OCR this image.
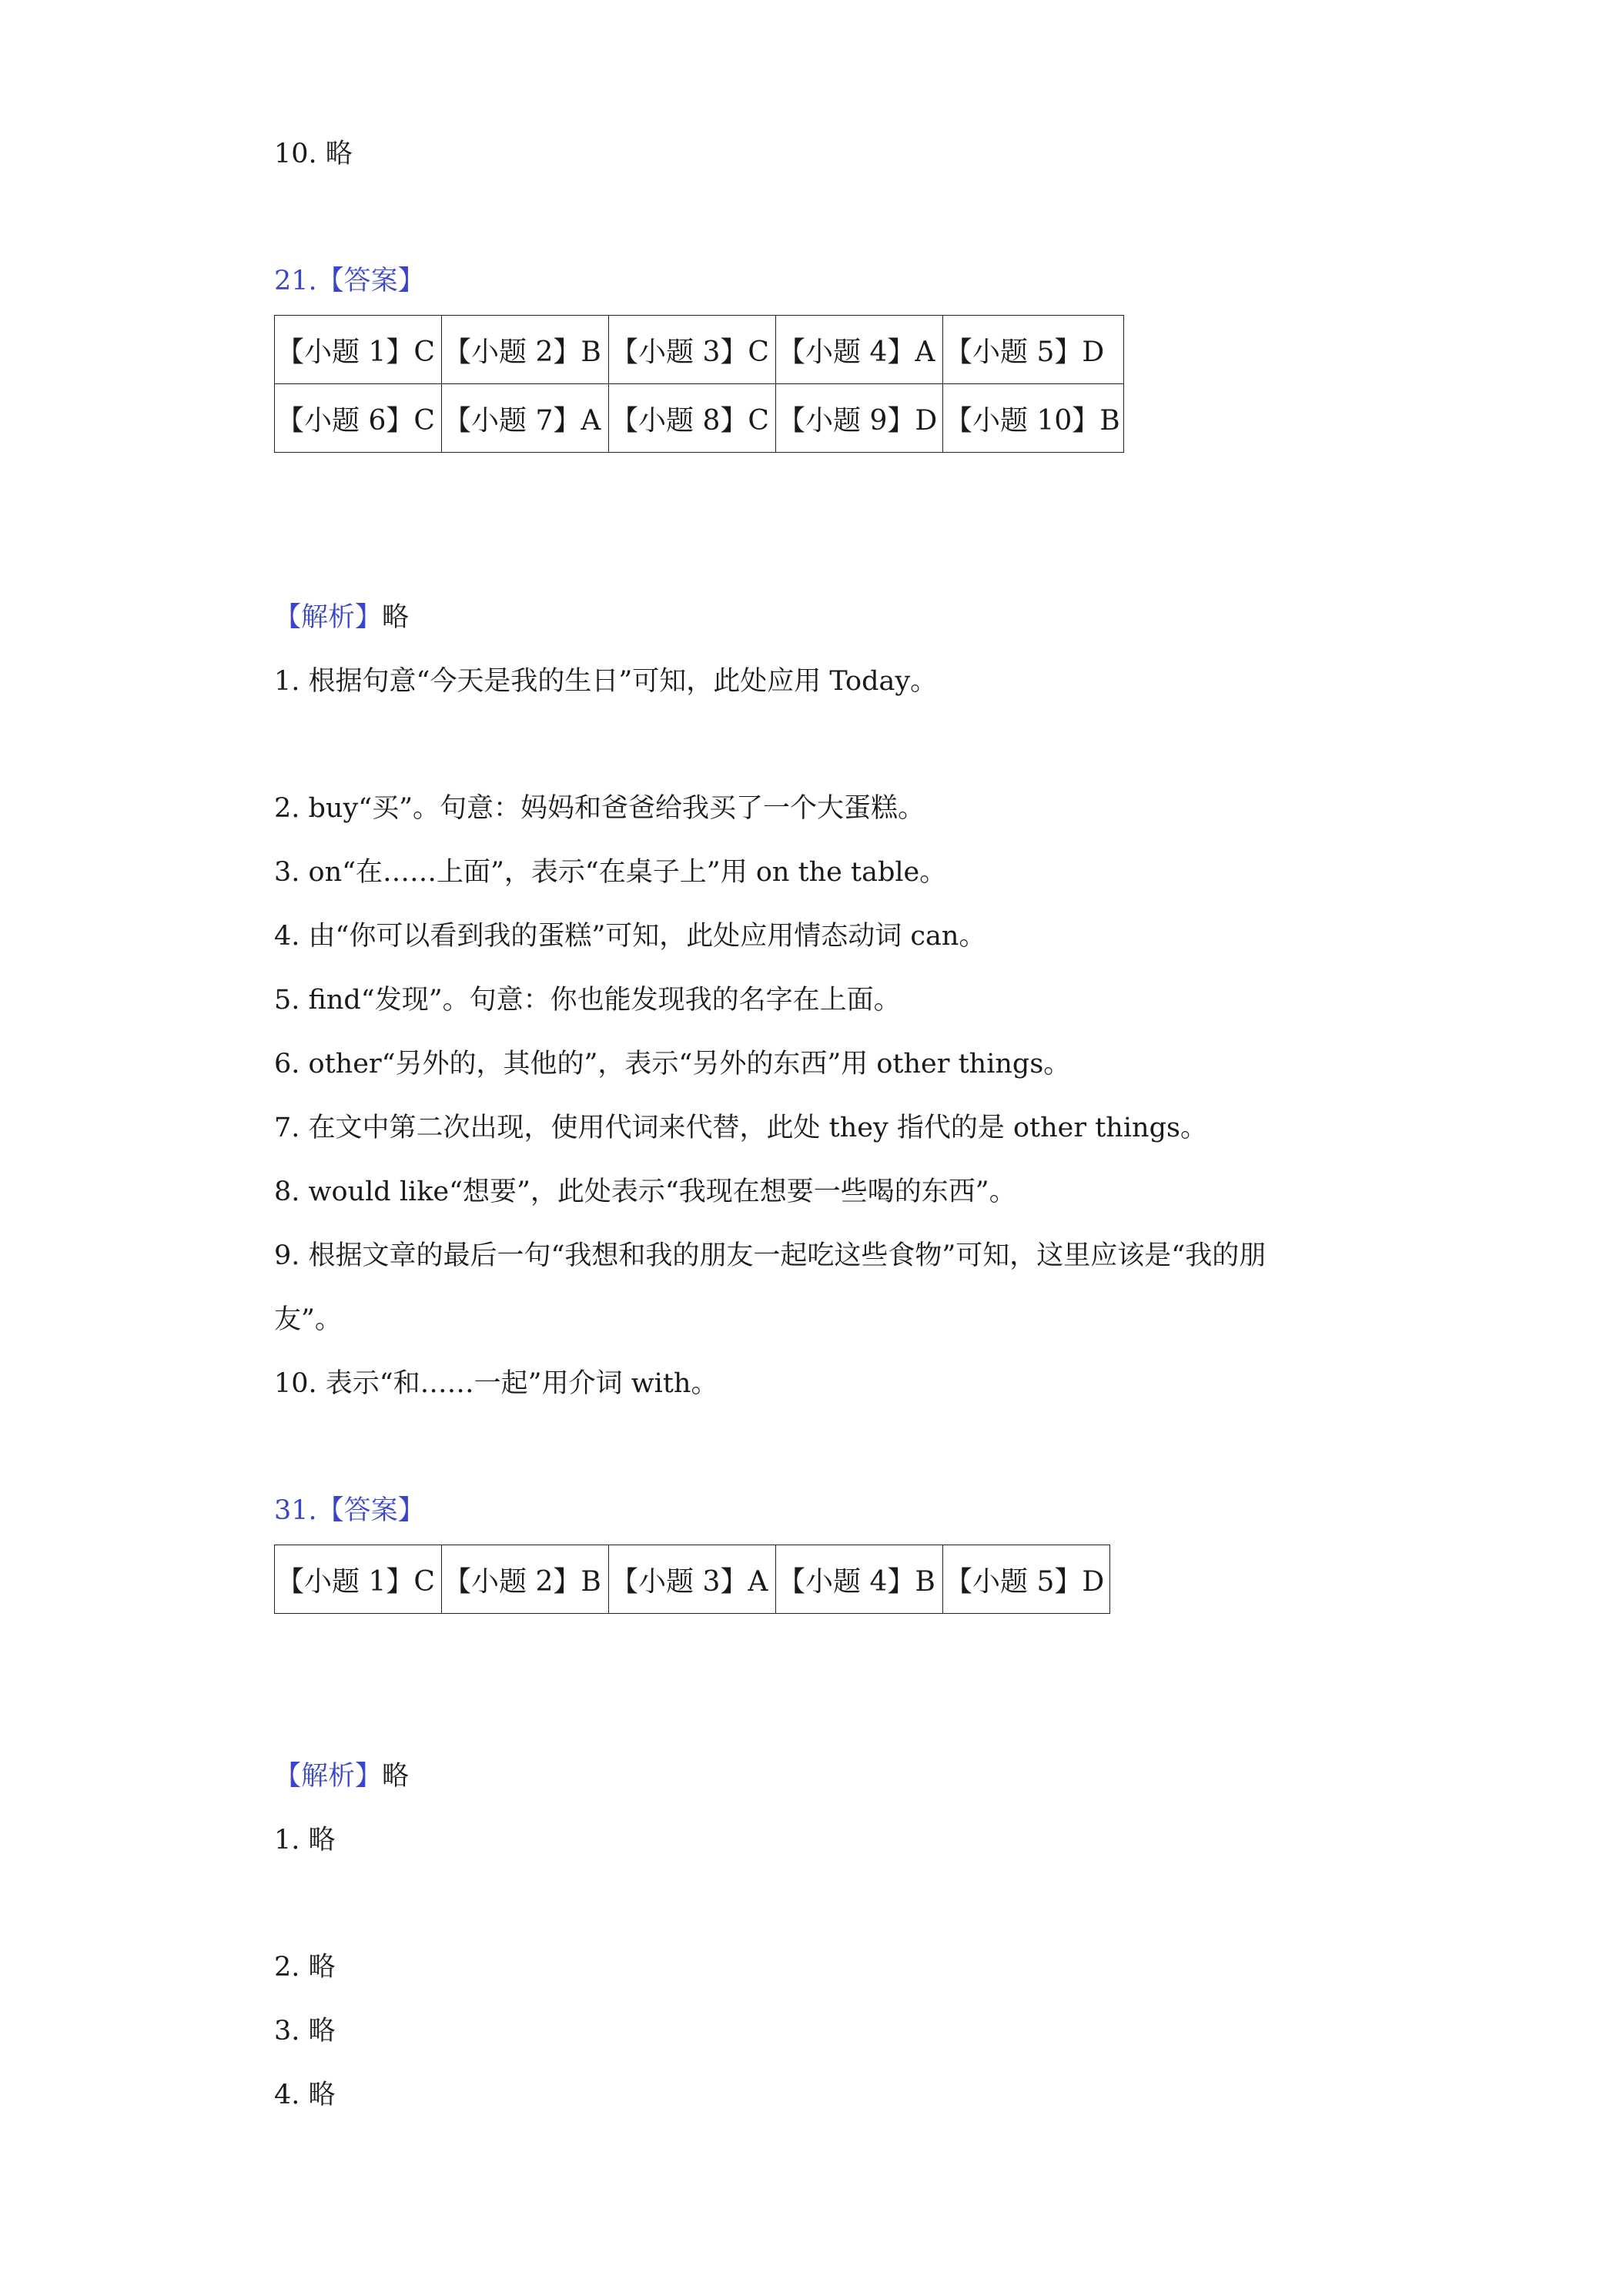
10. 略
21.【答案】
【小题 1】C	【小题 2】B	【小题 3】C	【小题 4】A	【小题 5】D
【小题 6】C	【小题 7】A	【小题 8】C	【小题 9】D	【小题 10】B
【解析】略
1. 根据句意“今天是我的生日”可知，此处应用 Today。
2. buy“买”。句意：妈妈和爸爸给我买了一个大蛋糕。
3. on“在……上面”，表示“在桌子上”用 on the table。
4. 由“你可以看到我的蛋糕”可知，此处应用情态动词 can。
5. find“发现”。句意：你也能发现我的名字在上面。
6. other“另外的，其他的”，表示“另外的东西”用 other things。
7. 在文中第二次出现，使用代词来代替，此处 they 指代的是 other things。
8. would like“想要”，此处表示“我现在想要一些喝的东西”。
9. 根据文章的最后一句“我想和我的朋友一起吃这些食物”可知，这里应该是“我的朋
友”。
10. 表示“和……一起”用介词 with。
31.【答案】
【小题 1】C	【小题 2】B	【小题 3】A	【小题 4】B	【小题 5】D
【解析】略
1. 略
2. 略
3. 略
4. 略
